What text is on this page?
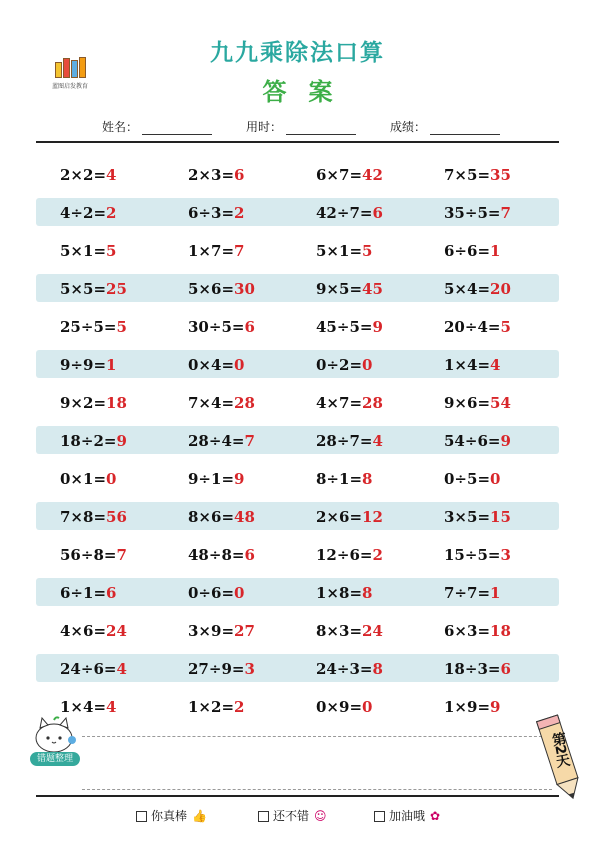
蓝图启发教育
九九乘除法口算
答案
姓名：	用时：	成绩：
2×2=4	2×3=6	6×7=42	7×5=35
4÷2=2	6÷3=2	42÷7=6	35÷5=7
5×1=5	1×7=7	5×1=5	6÷6=1
5×5=25	5×6=30	9×5=45	5×4=20
25÷5=5	30÷5=6	45÷5=9	20÷4=5
9÷9=1	0×4=0	0÷2=0	1×4=4
9×2=18	7×4=28	4×7=28	9×6=54
18÷2=9	28÷4=7	28÷7=4	54÷6=9
0×1=0	9÷1=9	8÷1=8	0÷5=0
7×8=56	8×6=48	2×6=12	3×5=15
56÷8=7	48÷8=6	12÷6=2	15÷5=3
6÷1=6	0÷6=0	1×8=8	7÷7=1
4×6=24	3×9=27	8×3=24	6×3=18
24÷6=4	27÷9=3	24÷3=8	18÷3=6
1×4=4	1×2=2	0×9=0	1×9=9
错题整理	第2天
你真棒 👍	还不错 ☺	加油哦 ✿
